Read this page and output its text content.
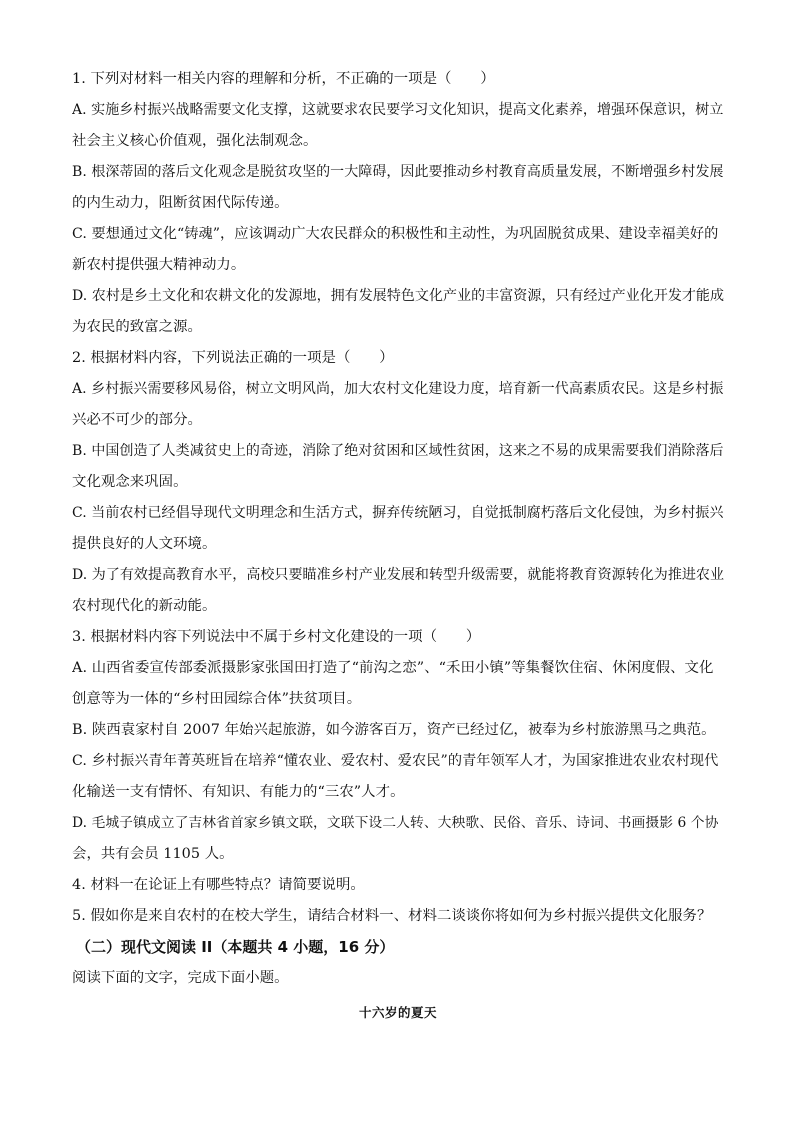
1. 下列对材料一相关内容的理解和分析，不正确的一项是（　　）
A. 实施乡村振兴战略需要文化支撑，这就要求农民要学习文化知识，提高文化素养，增强环保意识，树立
社会主义核心价值观，强化法制观念。
B. 根深蒂固的落后文化观念是脱贫攻坚的一大障碍，因此要推动乡村教育高质量发展，不断增强乡村发展
的内生动力，阻断贫困代际传递。
C. 要想通过文化“铸魂”，应该调动广大农民群众的积极性和主动性，为巩固脱贫成果、建设幸福美好的
新农村提供强大精神动力。
D. 农村是乡土文化和农耕文化的发源地，拥有发展特色文化产业的丰富资源，只有经过产业化开发才能成
为农民的致富之源。
2. 根据材料内容，下列说法正确的一项是（　　）
A. 乡村振兴需要移风易俗，树立文明风尚，加大农村文化建设力度，培育新一代高素质农民。这是乡村振
兴必不可少的部分。
B. 中国创造了人类减贫史上的奇迹，消除了绝对贫困和区域性贫困，这来之不易的成果需要我们消除落后
文化观念来巩固。
C. 当前农村已经倡导现代文明理念和生活方式，摒弃传统陋习，自觉抵制腐朽落后文化侵蚀，为乡村振兴
提供良好的人文环境。
D. 为了有效提高教育水平，高校只要瞄准乡村产业发展和转型升级需要，就能将教育资源转化为推进农业
农村现代化的新动能。
3. 根据材料内容下列说法中不属于乡村文化建设的一项（　　）
A. 山西省委宣传部委派摄影家张国田打造了“前沟之恋”、“禾田小镇”等集餐饮住宿、休闲度假、文化
创意等为一体的“乡村田园综合体”扶贫项目。
B. 陕西袁家村自 2007 年始兴起旅游，如今游客百万，资产已经过亿，被奉为乡村旅游黑马之典范。
C. 乡村振兴青年菁英班旨在培养“懂农业、爱农村、爱农民”的青年领军人才，为国家推进农业农村现代
化输送一支有情怀、有知识、有能力的“三农”人才。
D. 毛城子镇成立了吉林省首家乡镇文联，文联下设二人转、大秧歌、民俗、音乐、诗词、书画摄影 6 个协
会，共有会员 1105 人。
4. 材料一在论证上有哪些特点？请简要说明。
5. 假如你是来自农村的在校大学生，请结合材料一、材料二谈谈你将如何为乡村振兴提供文化服务？
（二）现代文阅读 II（本题共 4 小题，16 分）
阅读下面的文字，完成下面小题。
十六岁的夏天
